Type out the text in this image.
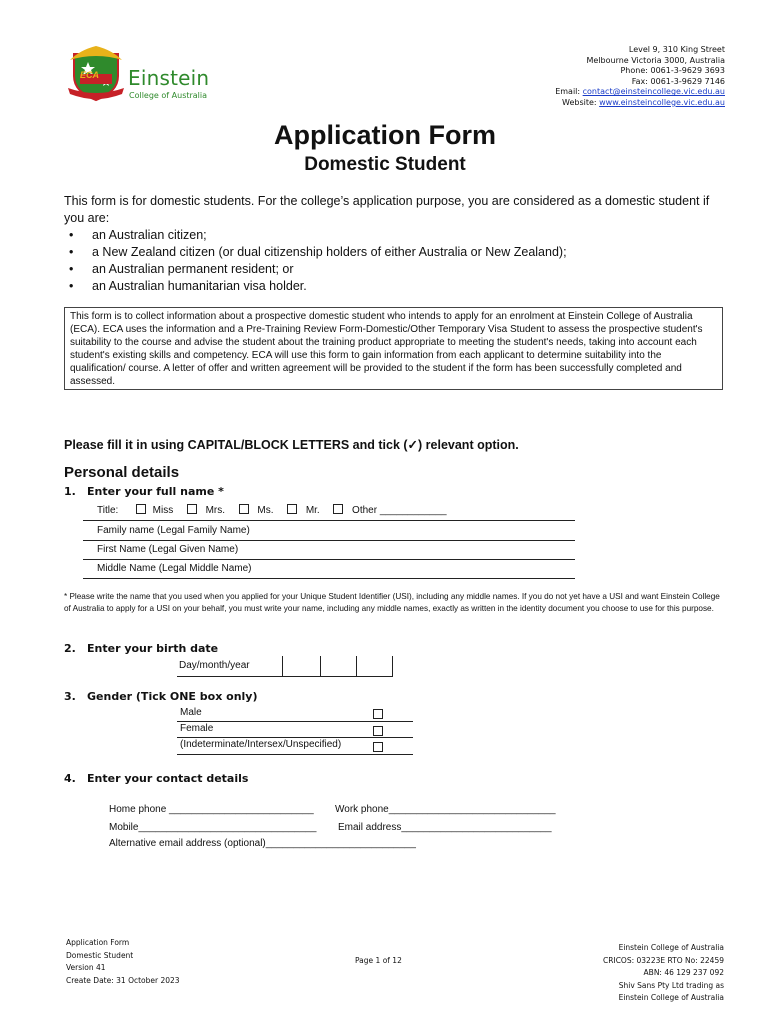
ECA Einstein
College of Australia
Level 9, 310 King Street
Melbourne Victoria 3000, Australia
Phone: 0061-3-9629 3693
Fax: 0061-3-9629 7146
Email: contact@einsteincollege.vic.edu.au
Website: www.einsteincollege.vic.edu.au
Application Form
Domestic Student
This form is for domestic students. For the college’s application purpose, you are considered as a domestic student if you are:
• an Australian citizen;
• a New Zealand citizen (or dual citizenship holders of either Australia or New Zealand);
• an Australian permanent resident; or
• an Australian humanitarian visa holder.
This form is to collect information about a prospective domestic student who intends to apply for an enrolment at Einstein College of Australia (ECA). ECA uses the information and a Pre-Training Review Form-Domestic/Other Temporary Visa Student to assess the prospective student's suitability to the course and advise the student about the training product appropriate to meeting the student's needs, taking into account each student's existing skills and competency. ECA will use this form to gain information from each applicant to determine suitability into the qualification/ course. A letter of offer and written agreement will be provided to the student if the form has been successfully completed and assessed.
Please fill it in using CAPITAL/BLOCK LETTERS and tick (✓) relevant option.
Personal details
1. Enter your full name *
Title:	Miss	Mrs.	Ms.	Mr.	Other ____________
Family name (Legal Family Name)
First Name (Legal Given Name)
Middle Name (Legal Middle Name)
* Please write the name that you used when you applied for your Unique Student Identifier (USI), including any middle names. If you do not yet have a USI and want Einstein College of Australia to apply for a USI on your behalf, you must write your name, including any middle names, exactly as written in the identity document you choose to use for this purpose.
2. Enter your birth date
Day/month/year
3. Gender (Tick ONE box only)
Male
Female
(Indeterminate/Intersex/Unspecified)
4. Enter your contact details
Home phone __________________________ Work phone______________________________
Mobile________________________________ Email address___________________________
Alternative email address (optional)___________________________
Application Form
Domestic Student
Version 41
Create Date: 31 October 2023
Page 1 of 12
Einstein College of Australia
CRICOS: 03223E RTO No: 22459
ABN: 46 129 237 092
Shiv Sans Pty Ltd trading as
Einstein College of Australia
